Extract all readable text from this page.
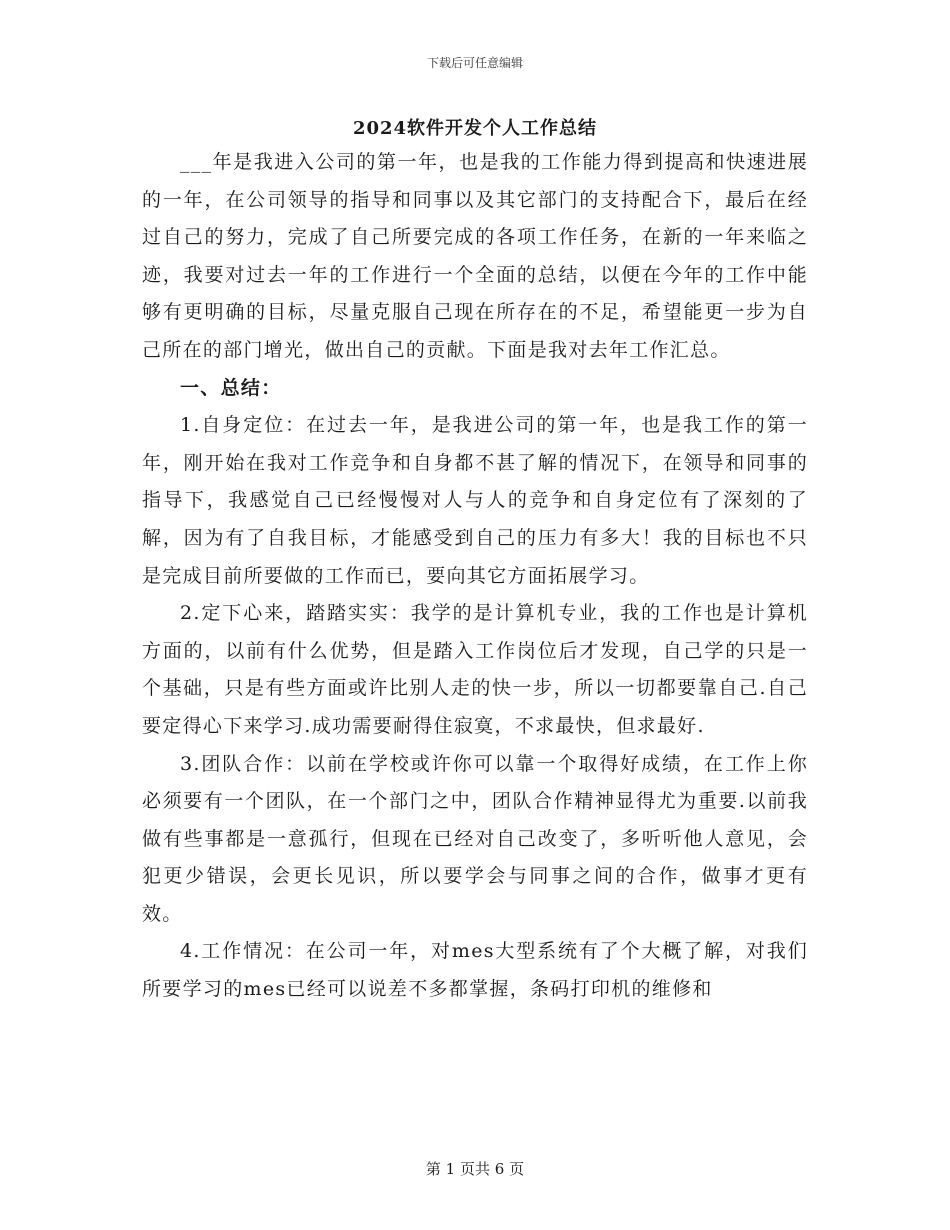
下载后可任意编辑
2024软件开发个人工作总结

___年是我进入公司的第一年，也是我的工作能力得到提高和快速进展的一年，在公司领导的指导和同事以及其它部门的支持配合下，最后在经过自己的努力，完成了自己所要完成的各项工作任务，在新的一年来临之迹，我要对过去一年的工作进行一个全面的总结，以便在今年的工作中能够有更明确的目标，尽量克服自己现在所存在的不足，希望能更一步为自己所在的部门增光，做出自己的贡献。下面是我对去年工作汇总。

一、总结：

1.自身定位：在过去一年，是我进公司的第一年，也是我工作的第一年，刚开始在我对工作竞争和自身都不甚了解的情况下，在领导和同事的指导下，我感觉自己已经慢慢对人与人的竞争和自身定位有了深刻的了解，因为有了自我目标，才能感受到自己的压力有多大！我的目标也不只是完成目前所要做的工作而已，要向其它方面拓展学习。

2.定下心来，踏踏实实：我学的是计算机专业，我的工作也是计算机方面的，以前有什么优势，但是踏入工作岗位后才发现，自己学的只是一个基础，只是有些方面或许比别人走的快一步，所以一切都要靠自己.自己要定得心下来学习.成功需要耐得住寂寞，不求最快，但求最好.

3.团队合作：以前在学校或许你可以靠一个取得好成绩，在工作上你必须要有一个团队，在一个部门之中，团队合作精神显得尤为重要.以前我做有些事都是一意孤行，但现在已经对自己改变了，多听听他人意见，会犯更少错误，会更长见识，所以要学会与同事之间的合作，做事才更有效。

4.工作情况：在公司一年，对mes大型系统有了个大概了解，对我们所要学习的mes已经可以说差不多都掌握，条码打印机的维修和

第 1 页共 6 页
